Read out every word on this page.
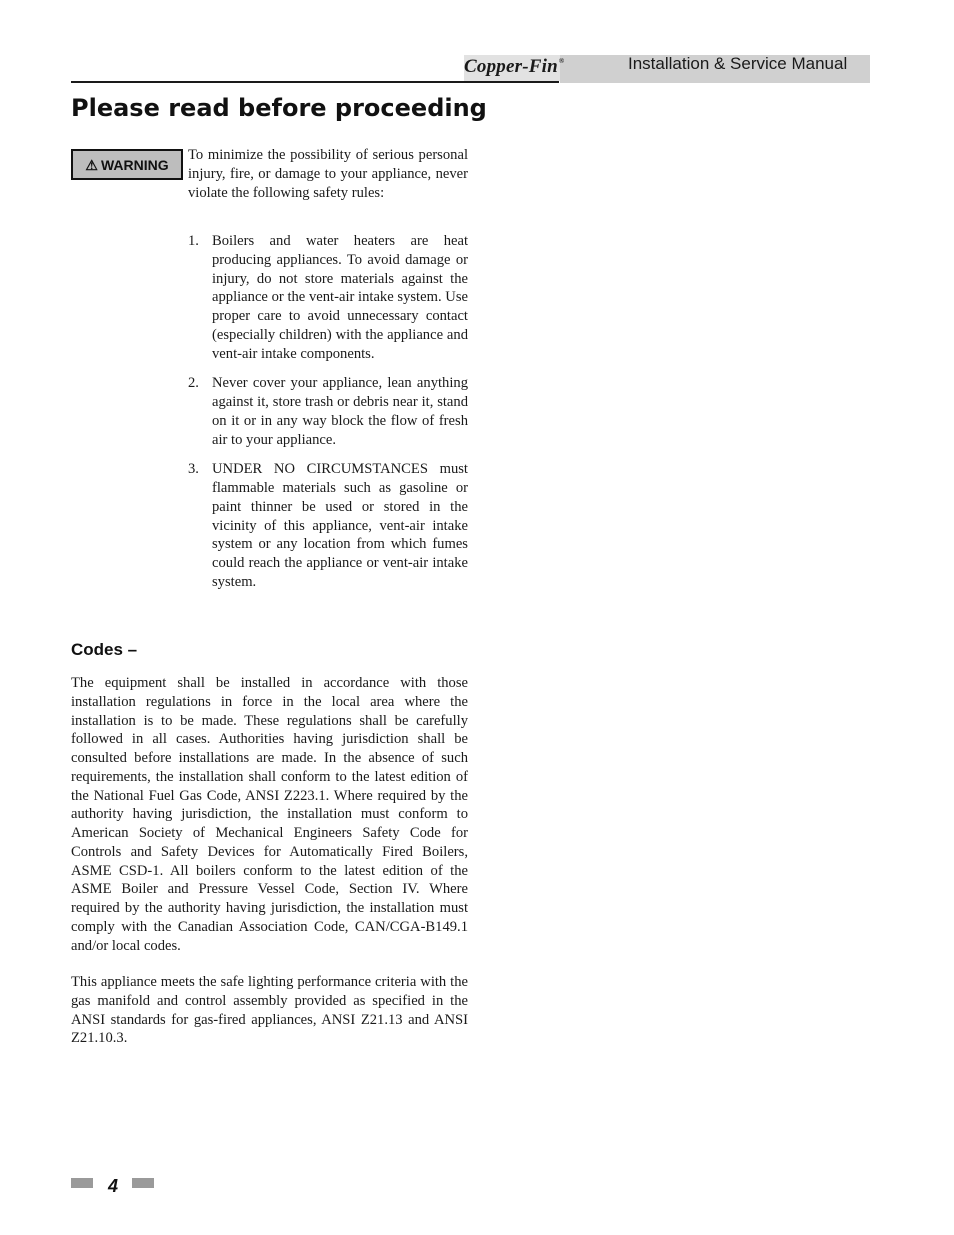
Copper-Fin®	Installation & Service Manual
Please read before proceeding
⚠ WARNING

To minimize the possibility of serious personal injury, fire, or damage to your appliance, never violate the following safety rules:

1. Boilers and water heaters are heat producing appliances. To avoid damage or injury, do not store materials against the appliance or the vent-air intake system. Use proper care to avoid unnecessary contact (especially children) with the appliance and vent-air intake components.
2. Never cover your appliance, lean anything against it, store trash or debris near it, stand on it or in any way block the flow of fresh air to your appliance.
3. UNDER NO CIRCUMSTANCES must flammable materials such as gasoline or paint thinner be used or stored in the vicinity of this appliance, vent-air intake system or any location from which fumes could reach the appliance or vent-air intake system.
Codes –

The equipment shall be installed in accordance with those installation regulations in force in the local area where the installation is to be made. These regulations shall be carefully followed in all cases. Authorities having jurisdiction shall be consulted before installations are made. In the absence of such requirements, the installation shall conform to the latest edition of the National Fuel Gas Code, ANSI Z223.1. Where required by the authority having jurisdiction, the installation must conform to American Society of Mechanical Engineers Safety Code for Controls and Safety Devices for Automatically Fired Boilers, ASME CSD-1. All boilers conform to the latest edition of the ASME Boiler and Pressure Vessel Code, Section IV. Where required by the authority having jurisdiction, the installation must comply with the Canadian Association Code, CAN/CGA-B149.1 and/or local codes.

This appliance meets the safe lighting performance criteria with the gas manifold and control assembly provided as specified in the ANSI standards for gas-fired appliances, ANSI Z21.13 and ANSI Z21.10.3.

4
